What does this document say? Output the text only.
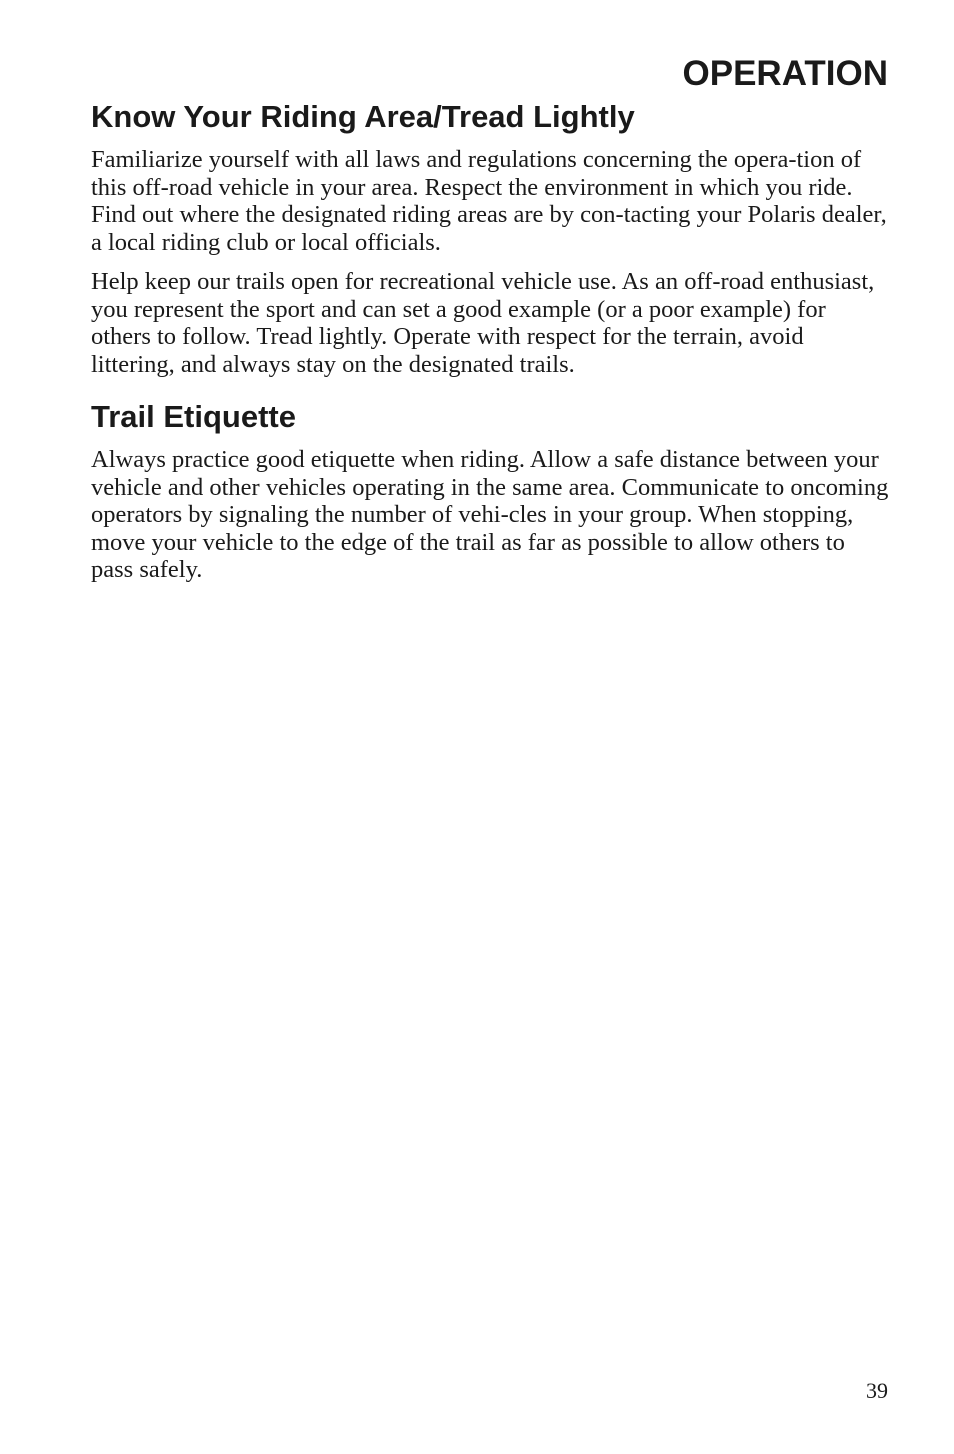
OPERATION
Know Your Riding Area/Tread Lightly

Familiarize yourself with all laws and regulations concerning the opera-tion of this off-road vehicle in your area. Respect the environment in which you ride. Find out where the designated riding areas are by con-tacting your Polaris dealer, a local riding club or local officials.

Help keep our trails open for recreational vehicle use. As an off-road enthusiast, you represent the sport and can set a good example (or a poor example) for others to follow. Tread lightly. Operate with respect for the terrain, avoid littering, and always stay on the designated trails.

Trail Etiquette

Always practice good etiquette when riding. Allow a safe distance between your vehicle and other vehicles operating in the same area. Communicate to oncoming operators by signaling the number of vehi-cles in your group. When stopping, move your vehicle to the edge of the trail as far as possible to allow others to pass safely.

39
